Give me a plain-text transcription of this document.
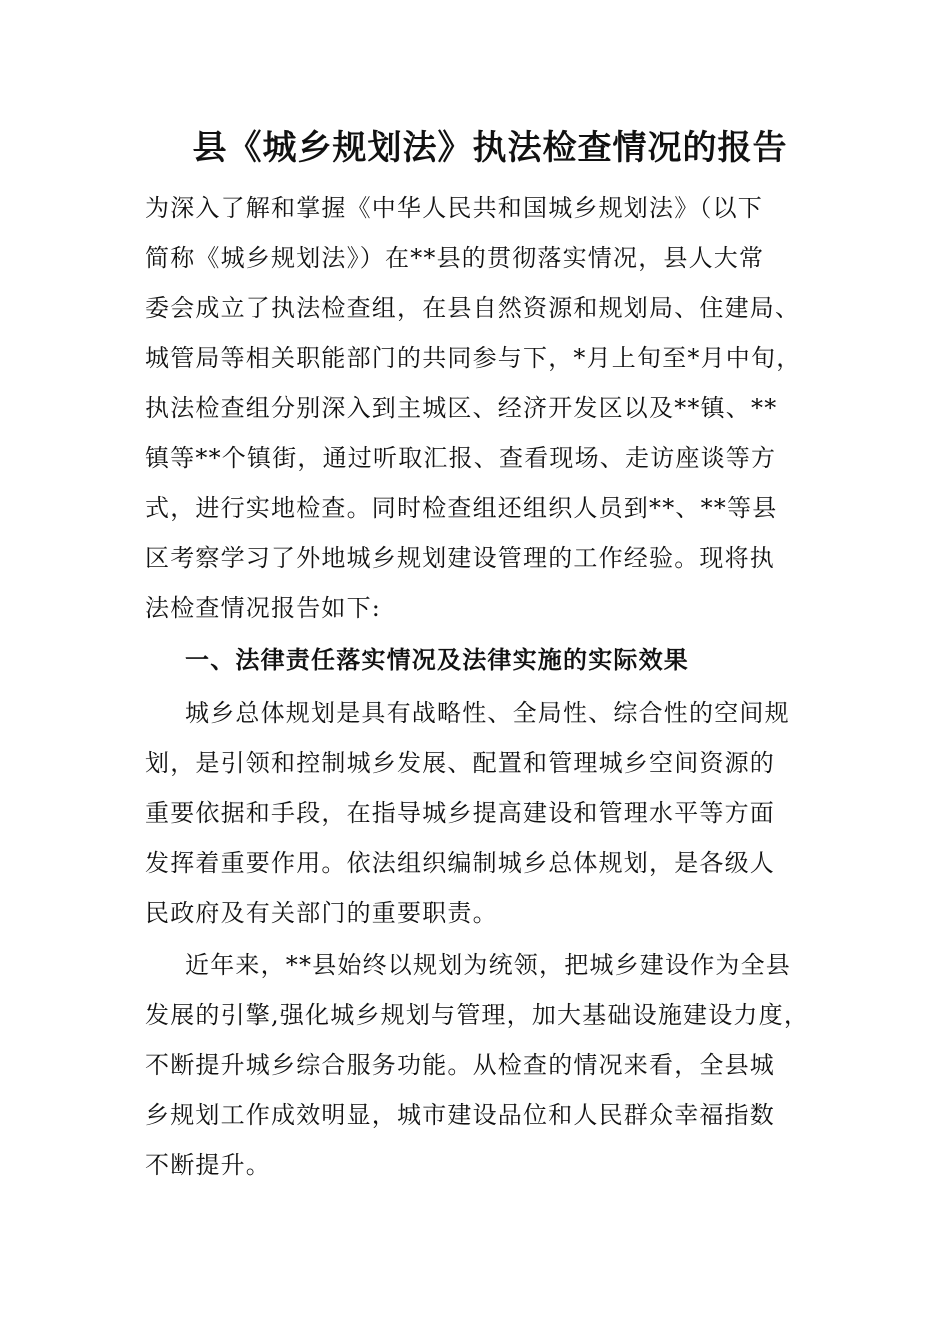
县《城乡规划法》执法检查情况的报告
为深入了解和掌握《中华人民共和国城乡规划法》（以下
简称《城乡规划法》）在**县的贯彻落实情况，县人大常
委会成立了执法检查组，在县自然资源和规划局、住建局、
城管局等相关职能部门的共同参与下，*月上旬至*月中旬，
执法检查组分别深入到主城区、经济开发区以及**镇、**
镇等**个镇街，通过听取汇报、查看现场、走访座谈等方
式，进行实地检查。同时检查组还组织人员到**、**等县
区考察学习了外地城乡规划建设管理的工作经验。现将执
法检查情况报告如下:
一、法律责任落实情况及法律实施的实际效果
城乡总体规划是具有战略性、全局性、综合性的空间规
划，是引领和控制城乡发展、配置和管理城乡空间资源的
重要依据和手段，在指导城乡提高建设和管理水平等方面
发挥着重要作用。依法组织编制城乡总体规划，是各级人
民政府及有关部门的重要职责。
近年来，**县始终以规划为统领，把城乡建设作为全县
发展的引擎,强化城乡规划与管理，加大基础设施建设力度，
不断提升城乡综合服务功能。从检查的情况来看，全县城
乡规划工作成效明显，城市建设品位和人民群众幸福指数
不断提升。
